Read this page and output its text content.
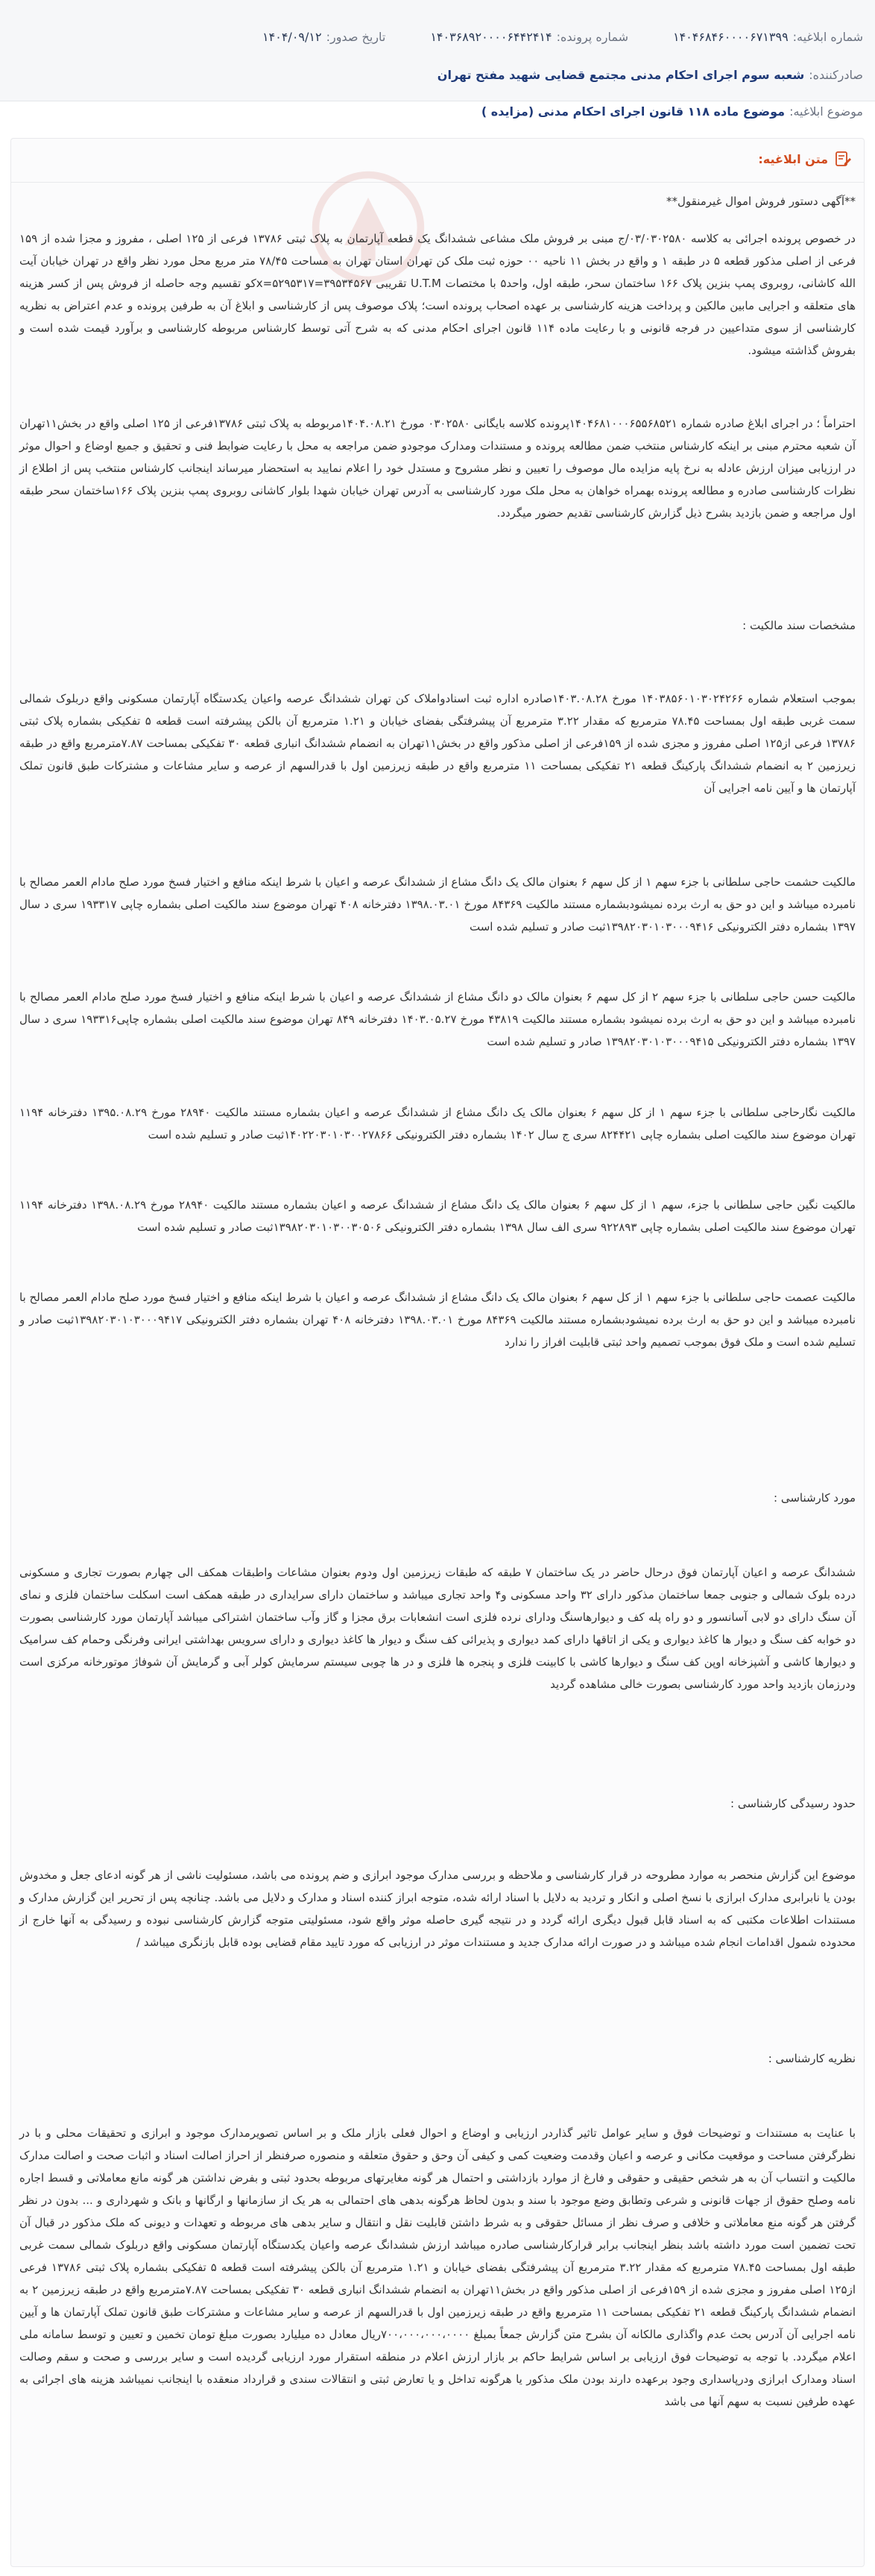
شماره ابلاغیه:۱۴۰۴۶۸۴۶۰۰۰۰۶۷۱۳۹۹
شماره پرونده:۱۴۰۳۶۸۹۲۰۰۰۰۶۴۴۲۴۱۴
تاریخ صدور:۱۴۰۴/۰۹/۱۲
صادرکننده:شعبه سوم اجرای احکام مدنی مجتمع قضایی شهید مفتح تهران
موضوع ابلاغیه:موضوع ماده ۱۱۸ قانون اجرای احکام مدنی (مزایده )
متن ابلاغیه:

**آگهی دستور فروش اموال غیرمنقول**

در خصوص پرونده اجرائی به کلاسه ۰۳/۰۳۰۲۵۸۰/ج مبنی بر فروش ملک مشاعی ششدانگ یک قطعه آپارتمان به پلاک ثبتی ۱۳۷۸۶ فرعی از ۱۲۵ اصلی ، مفروز و مجزا شده از ۱۵۹ فرعی از اصلی مذکور قطعه ۵ در طبقه ۱ و واقع در بخش ۱۱ ناحیه ۰۰ حوزه ثبت ملک کن تهران استان تهران به مساحت ۷۸/۴۵ متر مربع محل مورد نظر واقع در تهران خیابان آیت الله کاشانی، روبروی پمپ بنزین پلاک ۱۶۶ ساختمان سحر، طبقه اول، واحد۵ با مختصات U.T.M تقریبی ۳۹۵۳۴۵۶۷=۵۲۹۵۳۱۷=xکو تقسیم وجه حاصله از فروش پس از کسر هزینه های متعلقه و اجرایی مابین مالکین و پرداخت هزینه کارشناسی بر عهده اصحاب پرونده است؛ پلاک موصوف پس از کارشناسی و ابلاغ آن به طرفین پرونده و عدم اعتراض به نظریه کارشناسی از سوی متداعیین در فرجه قانونی و با رعایت ماده ۱۱۴ قانون اجرای احکام مدنی که به شرح آتی توسط کارشناس مربوطه کارشناسی و برآورد قیمت شده است و بفروش گذاشته میشود.

احتراماً ؛ در اجرای ابلاغ صادره شماره ۱۴۰۴۶۸۱۰۰۰۶۵۵۶۸۵۲۱پرونده کلاسه بایگانی ۰۳۰۲۵۸۰ مورخ ۱۴۰۴.۰۸.۲۱مربوطه به پلاک ثبتی ۱۳۷۸۶فرعی از ۱۲۵ اصلی واقع در بخش۱۱تهران آن شعبه محترم مبنی بر اینکه کارشناس منتخب ضمن مطالعه پرونده و مستندات ومدارک موجودو ضمن مراجعه به محل با رعایت ضوابط فنی و تحقیق و جمیع اوضاع و احوال موثر در ارزیابی میزان ارزش عادله به نرخ پایه مزایده مال موصوف را تعیین و نظر مشروح و مستدل خود را اعلام نمایید به استحضار میرساند اینجانب کارشناس منتخب پس از اطلاع از نظرات کارشناسی صادره و مطالعه پرونده بهمراه خواهان به محل ملک مورد کارشناسی به آدرس تهران خیابان شهدا بلوار کاشانی روبروی پمپ بنزین پلاک ۱۶۶ساختمان سحر طبقه اول مراجعه و ضمن بازدید بشرح ذیل گزارش کارشناسی تقدیم حضور میگردد.

مشخصات سند مالکیت :

بموجب استعلام شماره ۱۴۰۳۸۵۶۰۱۰۳۰۲۴۲۶۶ مورخ ۱۴۰۳.۰۸.۲۸صادره اداره ثبت اسنادواملاک کن تهران ششدانگ عرصه واعیان یکدستگاه آپارتمان مسکونی واقع دربلوک شمالی سمت غربی طبقه اول بمساحت ۷۸.۴۵ مترمربع که مقدار ۳.۲۲ مترمربع آن پیشرفتگی بفضای خیابان و ۱.۲۱ مترمربع آن بالکن پیشرفته است قطعه ۵ تفکیکی بشماره پلاک ثبتی ۱۳۷۸۶ فرعی از۱۲۵ اصلی مفروز و مجزی شده از ۱۵۹فرعی از اصلی مذکور واقع در بخش۱۱تهران به انضمام ششدانگ انباری قطعه ۳۰ تفکیکی بمساحت ۷.۸۷مترمربع واقع در طبقه زیرزمین ۲ به انضمام ششدانگ پارکینگ قطعه ۲۱ تفکیکی بمساحت ۱۱ مترمربع واقع در طبقه زیرزمین اول با قدرالسهم از عرصه و سایر مشاعات و مشترکات طبق قانون تملک آپارتمان ها و آیین نامه اجرایی آن

مالکیت حشمت حاجی سلطانی با جزء سهم ۱ از کل سهم ۶ بعنوان مالک یک دانگ مشاع از ششدانگ عرصه و اعیان با شرط اینکه منافع و اختیار فسخ مورد صلح مادام العمر مصالح با نامبرده میباشد و این دو حق به ارث برده نمیشودبشماره مستند مالکیت ۸۴۳۶۹ مورخ ۱۳۹۸.۰۳.۰۱ دفترخانه ۴۰۸ تهران موضوع سند مالکیت اصلی بشماره چاپی ۱۹۳۳۱۷ سری د سال ۱۳۹۷ بشماره دفتر الکترونیکی ۱۳۹۸۲۰۳۰۱۰۳۰۰۰۹۴۱۶ثبت صادر و تسلیم شده است

مالکیت حسن حاجی سلطانی با جزء سهم ۲ از کل سهم ۶ بعنوان مالک دو دانگ مشاع از ششدانگ عرصه و اعیان با شرط اینکه منافع و اختیار فسخ مورد صلح مادام العمر مصالح با نامبرده میباشد و این دو حق به ارث برده نمیشود بشماره مستند مالکیت ۴۳۸۱۹ مورخ ۱۴۰۳.۰۵.۲۷ دفترخانه ۸۴۹ تهران موضوع سند مالکیت اصلی بشماره چاپی۱۹۳۳۱۶ سری د سال ۱۳۹۷ بشماره دفتر الکترونیکی ۱۳۹۸۲۰۳۰۱۰۳۰۰۰۹۴۱۵ صادر و تسلیم شده است

مالکیت نگارحاجی سلطانی با جزء سهم ۱ از کل سهم ۶ بعنوان مالک یک دانگ مشاع از ششدانگ عرصه و اعیان بشماره مستند مالکیت ۲۸۹۴۰ مورخ ۱۳۹۵.۰۸.۲۹ دفترخانه ۱۱۹۴ تهران موضوع سند مالکیت اصلی بشماره چاپی ۸۲۴۴۲۱ سری ج سال ۱۴۰۲ بشماره دفتر الکترونیکی ۱۴۰۲۲۰۳۰۱۰۳۰۰۲۷۸۶۶ثبت صادر و تسلیم شده است

مالکیت نگین حاجی سلطانی با جزء، سهم ۱ از کل سهم ۶ بعنوان مالک یک دانگ مشاع از ششدانگ عرصه و اعیان بشماره مستند مالکیت ۲۸۹۴۰ مورخ ۱۳۹۸.۰۸.۲۹ دفترخانه ۱۱۹۴ تهران موضوع سند مالکیت اصلی بشماره چاپی ۹۲۲۸۹۳ سری الف سال ۱۳۹۸ بشماره دفتر الکترونیکی ۱۳۹۸۲۰۳۰۱۰۳۰۰۳۰۵۰۶ثبت صادر و تسلیم شده است

مالکیت عصمت حاجی سلطانی با جزء سهم ۱ از کل سهم ۶ بعنوان مالک یک دانگ مشاع از ششدانگ عرصه و اعیان با شرط اینکه منافع و اختیار فسخ مورد صلح مادام العمر مصالح با نامبرده میباشد و این دو حق به ارث برده نمیشودبشماره مستند مالکیت ۸۴۳۶۹ مورخ ۱۳۹۸.۰۳.۰۱ دفترخانه ۴۰۸ تهران بشماره دفتر الکترونیکی ۱۳۹۸۲۰۳۰۱۰۳۰۰۰۹۴۱۷ثبت صادر و تسلیم شده است و ملک فوق بموجب تصمیم واحد ثبتی قابلیت افراز را ندارد

مورد کارشناسی :

ششدانگ عرصه و اعیان آپارتمان فوق درحال حاضر در یک ساختمان ۷ طبقه که طبقات زیرزمین اول ودوم بعنوان مشاعات واطبقات همکف الی چهارم بصورت تجاری و مسکونی درده بلوک شمالی و جنوبی جمعا ساختمان مذکور دارای ۳۲ واحد مسکونی و۴ واحد تجاری میباشد و ساختمان دارای سرایداری در طبقه همکف است اسکلت ساختمان فلزی و نمای آن سنگ دارای دو لابی آسانسور و دو راه پله کف و دیوارهاسنگ ودارای نرده فلزی است انشعابات برق مجزا و گاز وآب ساختمان اشتراکی میباشد آپارتمان مورد کارشناسی بصورت دو خوابه کف سنگ و دیوار ها کاغذ دیواری و یکی از اتاقها دارای کمد دیواری و پذیرائی کف سنگ و دیوار ها کاغذ دیواری و دارای سرویس بهداشتی ایرانی وفرنگی وحمام کف سرامیک و دیوارها کاشی و آشپزخانه اوپن کف سنگ و دیوارها کاشی با کابینت فلزی و پنجره ها فلزی و در ها چوبی سیستم سرمایش کولر آبی و گرمایش آن شوفاژ موتورخانه مرکزی است ودرزمان بازدید واحد مورد کارشناسی بصورت خالی مشاهده گردید

حدود رسیدگی کارشناسی :

موضوع این گزارش منحصر به موارد مطروحه در قرار کارشناسی و ملاحظه و بررسی مدارک موجود ابرازی و ضم پرونده می باشد، مسئولیت ناشی از هر گونه ادعای جعل و مخدوش بودن یا نابرابری مدارک ابرازی با نسخ اصلی و انکار و تردید به دلایل با اسناد ارائه شده، متوجه ابراز کننده اسناد و مدارک و دلایل می باشد. چنانچه پس از تحریر این گزارش مدارک و مستندات اطلاعات مکتبی که به اسناد قابل قبول دیگری ارائه گردد و در نتیجه گیری حاصله موثر واقع شود، مسئولیتی متوجه گزارش کارشناسی نبوده و رسیدگی به آنها خارج از محدوده شمول اقدامات انجام شده میباشد و در صورت ارائه مدارک جدید و مستندات موثر در ارزیابی که مورد تایید مقام قضایی بوده قابل بازنگری میباشد /

نظریه کارشناسی :

با عنایت به مستندات و توضیحات فوق و سایر عوامل تاثیر گذاردر ارزیابی و اوضاع و احوال فعلی بازار ملک و بر اساس تصویرمدارک موجود و ابرازی و تحقیقات محلی و با در نظرگرفتن مساحت و موقعیت مکانی و عرصه و اعیان وقدمت وضعیت کمی و کیفی آن وحق و حقوق متعلقه و منصوره صرفنظر از احراز اصالت اسناد و اثبات صحت و اصالت مدارک مالکیت و انتساب آن به هر شخص حقیقی و حقوقی و فارغ از موارد بازداشتی و احتمال هر گونه مغایرتهای مربوطه بحدود ثبتی و بفرض نداشتن هر گونه مانع معاملاتی و قسط اجاره نامه وصلح حقوق از جهات قانونی و شرعی وتطابق وضع موجود با سند و بدون لحاظ هرگونه بدهی های احتمالی به هر یک از سازمانها و ارگانها و بانک و شهرداری و ... بدون در نظر گرفتن هر گونه منع معاملاتی و خلافی و صرف نظر از مسائل حقوقی و به شرط داشتن قابلیت نقل و انتقال و سایر بدهی های مربوطه و تعهدات و دیونی که ملک مذکور در قبال آن تحت تضمین است مورد داشته باشد بنظر اینجانب برابر قرارکارشناسی صادره میباشد ارزش ششدانگ عرصه واعیان یکدستگاه آپارتمان مسکونی واقع دربلوک شمالی سمت غربی طبقه اول بمساحت ۷۸.۴۵ مترمربع که مقدار ۳.۲۲ مترمربع آن پیشرفتگی بفضای خیابان و ۱.۲۱ مترمربع آن بالکن پیشرفته است قطعه ۵ تفکیکی بشماره پلاک ثبتی ۱۳۷۸۶ فرعی از۱۲۵ اصلی مفروز و مجزی شده از ۱۵۹فرعی از اصلی مذکور واقع در بخش۱۱تهران به انضمام ششدانگ انباری قطعه ۳۰ تفکیکی بمساحت ۷.۸۷مترمربع واقع در طبقه زیرزمین ۲ به انضمام ششدانگ پارکینگ قطعه ۲۱ تفکیکی بمساحت ۱۱ مترمربع واقع در طبقه زیرزمین اول با قدرالسهم از عرصه و سایر مشاعات و مشترکات طبق قانون تملک آپارتمان ها و آیین نامه اجرایی آن آدرس بحث عدم واگذاری مالکانه آن بشرح متن گزارش جمعاً بمبلغ ۷۰۰،۰۰۰،۰۰۰،۰۰۰۰ریال معادل ده میلیارد بصورت مبلغ تومان تخمین و تعیین و توسط سامانه ملی اعلام میگردد. با توجه به توضیحات فوق ارزیابی بر اساس شرایط حاکم بر بازار ارزش اعلام در منطقه استقرار مورد ارزیابی گردیده است و سایر بررسی و صحت و سقم وصالت اسناد ومدارک ابرازی ودرپاسداری وجود برعهده دارند بودن ملک مذکور یا هرگونه تداخل و یا تعارض ثبتی و انتقالات سندی و قرارداد منعقده با اینجانب نمیباشد هزینه های اجرائی به عهده طرفین نسبت به سهم آنها می باشد
